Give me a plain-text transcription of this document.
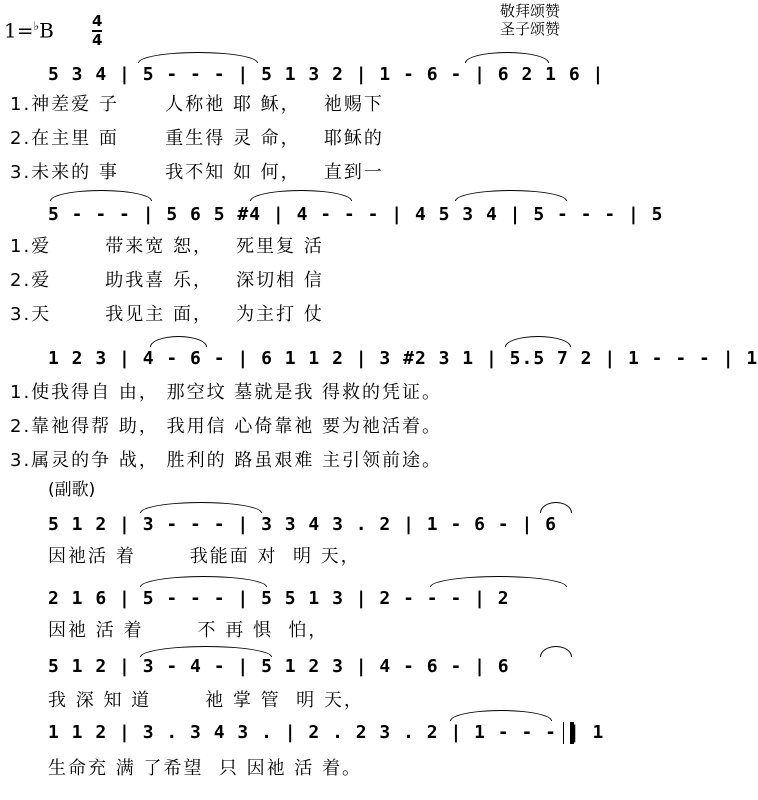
1=♭B	4
4
敬拜颂赞
圣子颂赞
5 3 4 | 5 - - - | 5 1 3 2 | 1 - 6 - | 6 2 1 6 |
1.神差爱 子      人称祂 耶 稣，   祂赐下
2.在主里 面      重生得 灵 命，   耶稣的
3.未来的 事      我不知 如 何，   直到一
5 - - - | 5 6 5 #4 | 4 - - - | 4 5 3 4 | 5 - - - | 5
1.爱       带来宽 恕，   死里复 活
2.爱       助我喜 乐，   深切相 信
3.天       我见主 面，   为主打 仗
1 2 3 | 4 - 6 - | 6 1 1 2 | 3 #2 3 1 | 5.5 7 2 | 1 - - - | 1
1.使我得自 由， 那空坟 墓就是我 得救的凭证。
2.靠祂得帮 助， 我用信 心倚靠祂 要为祂活着。
3.属灵的争 战， 胜利的 路虽艰难 主引领前途。
(副歌)
5 1 2 | 3 - - - | 3 3 4 3 . 2 | 1 - 6 - | 6
因祂活 着       我能面 对  明 天，
2 1 6 | 5 - - - | 5 5 1 3 | 2 - - - | 2
因祂 活 着       不 再 惧  怕，
5 1 2 | 3 - 4 - | 5 1 2 3 | 4 - 6 - | 6
我 深 知 道       祂 掌 管  明 天，
1 1 2 | 3 . 3 4 3 . | 2 . 2 3 . 2 | 1 - - - | 1
生命充 满 了希望  只 因祂 活 着。
